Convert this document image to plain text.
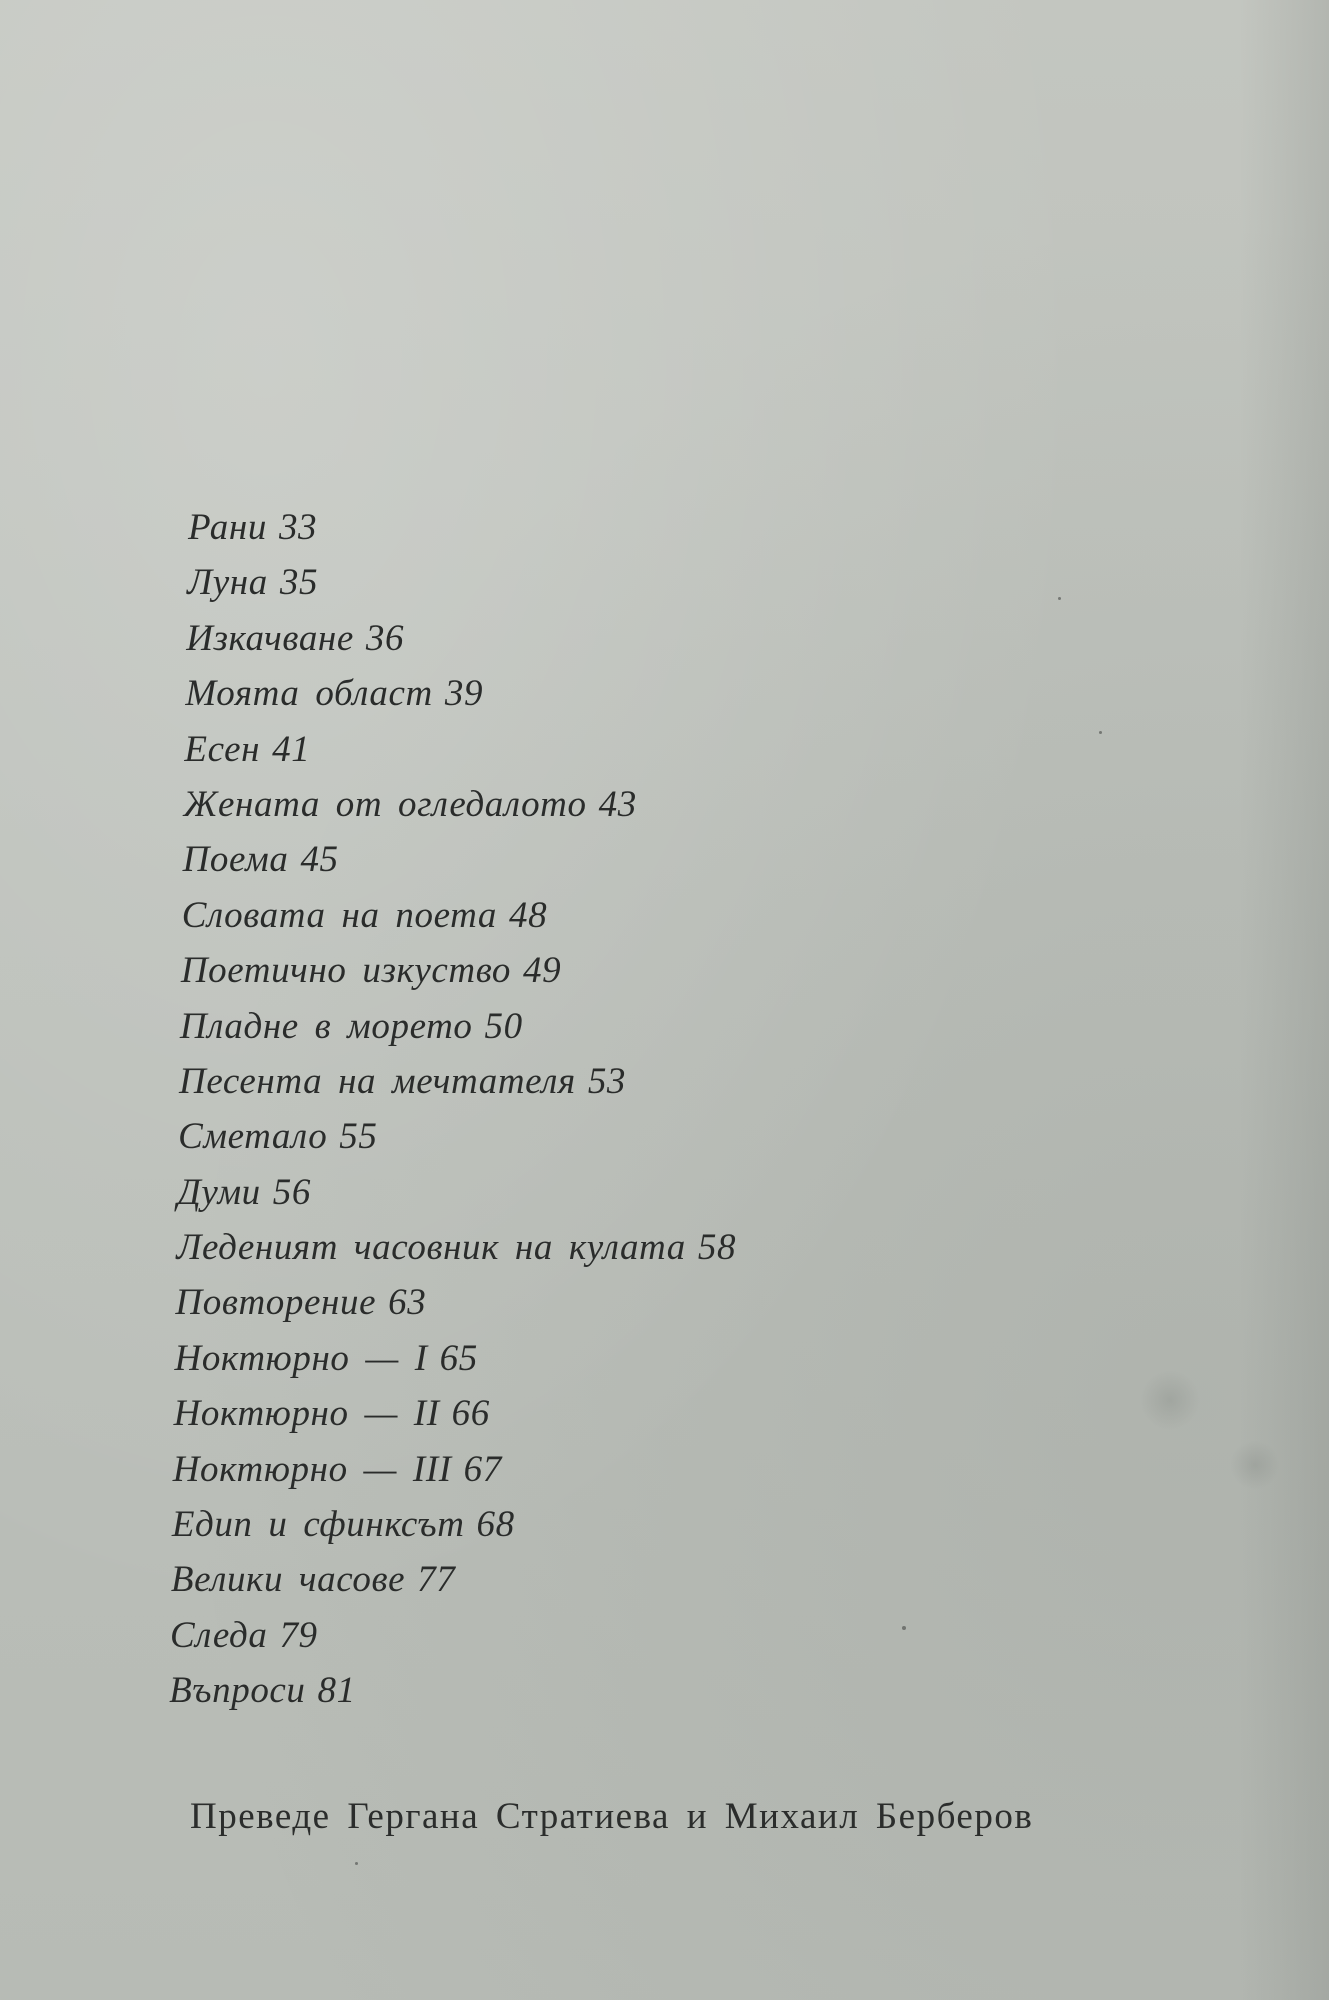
Рани 33
Луна 35
Изкачване 36
Моята област 39
Есен 41
Жената от огледалото 43
Поема 45
Словата на поета 48
Поетично изкуство 49
Пладне в морето 50
Песента на мечтателя 53
Сметало 55
Думи 56
Леденият часовник на кулата 58
Повторение 63
Ноктюрно — I 65
Ноктюрно — II 66
Ноктюрно — III 67
Едип и сфинксът 68
Велики часове 77
Следа 79
Въпроси 81
Преведе Гергана Стратиева и Михаил Берберов
